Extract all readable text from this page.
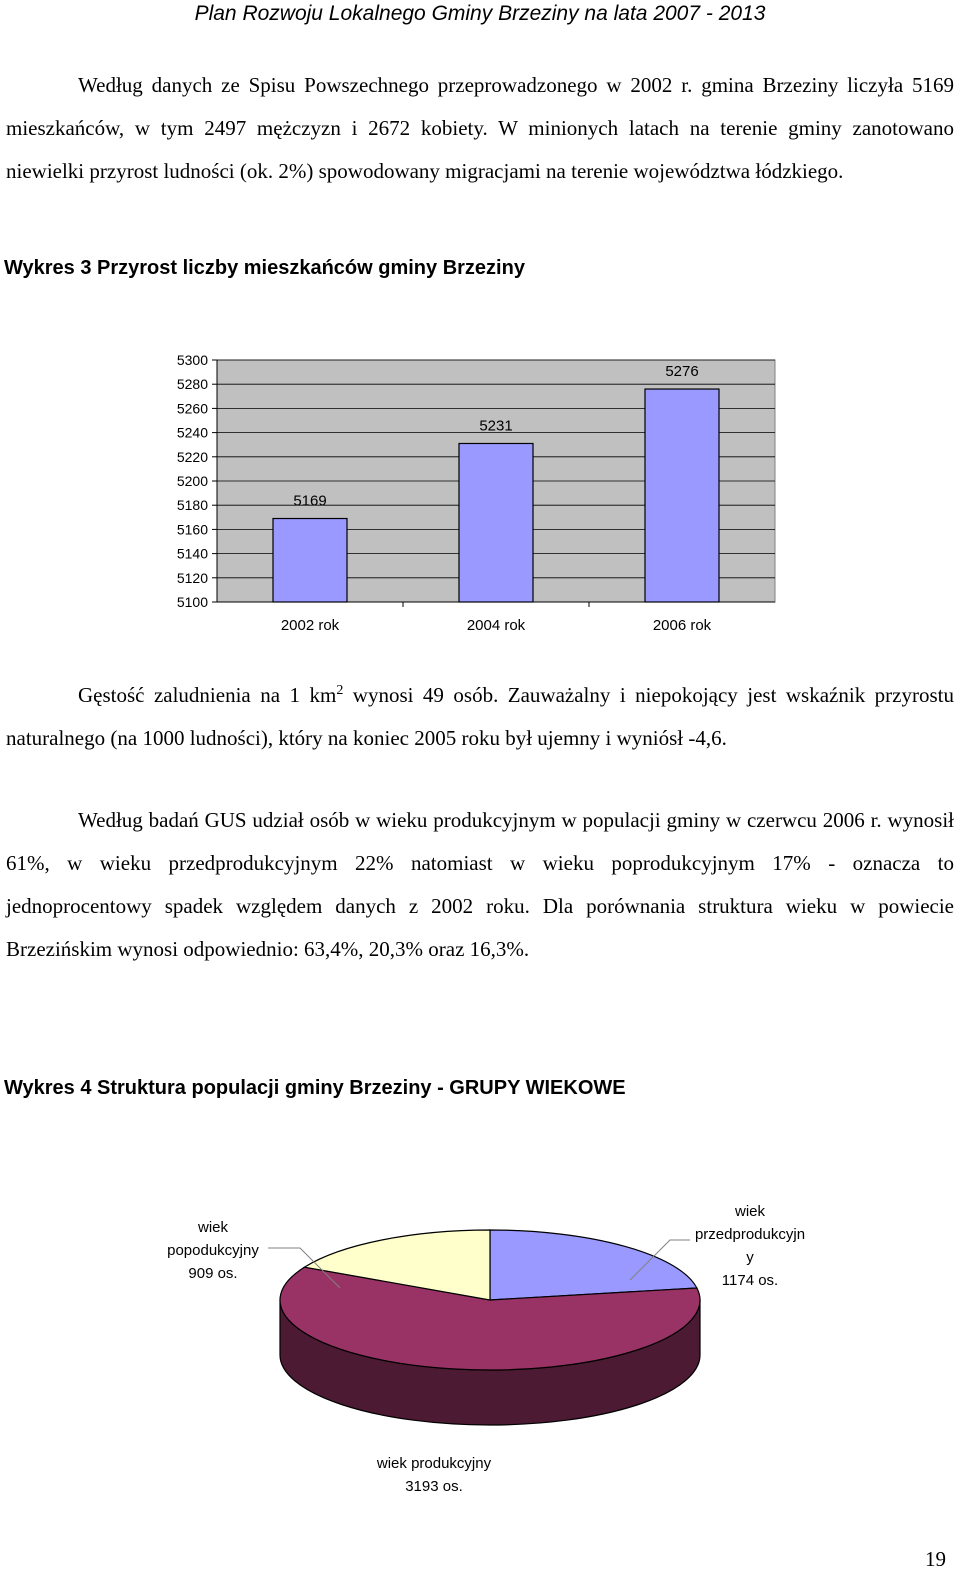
Plan Rozwoju Lokalnego Gminy Brzeziny na lata 2007 - 2013
Według danych ze Spisu Powszechnego przeprowadzonego w 2002 r. gmina Brzeziny liczyła 5169 mieszkańców, w tym 2497 mężczyzn i 2672 kobiety. W minionych latach na terenie gminy zanotowano niewielki przyrost ludności (ok. 2%) spowodowany migracjami na terenie województwa łódzkiego.
Wykres 3 Przyrost liczby mieszkańców gminy Brzeziny
5100
5120
5140
5160
5180
5200
5220
5240
5260
5280
5300
5169
2002 rok
5231
2004 rok
5276
2006 rok
Gęstość zaludnienia na 1 $km^2$ wynosi 49 osób. Zauważalny i niepokojący jest wskaźnik przyrostu naturalnego (na 1000 ludności), który na koniec 2005 roku był ujemny i wyniósł -4,6.
Według badań GUS udział osób w wieku produkcyjnym w populacji gminy w czerwcu 2006 r. wynosił 61%, w wieku przedprodukcyjnym 22% natomiast w wieku poprodukcyjnym 17% - oznacza to jednoprocentowy spadek względem danych z 2002 roku. Dla porównania struktura wieku w powiecie Brzezińskim wynosi odpowiednio: 63,4%, 20,3% oraz 16,3%.
Wykres 4 Struktura populacji gminy Brzeziny - GRUPY WIEKOWE
wiek
przedprodukcyjn
y
1174 os.
wiek produkcyjny
3193 os.
wiek
popodukcyjny
909 os.
19
